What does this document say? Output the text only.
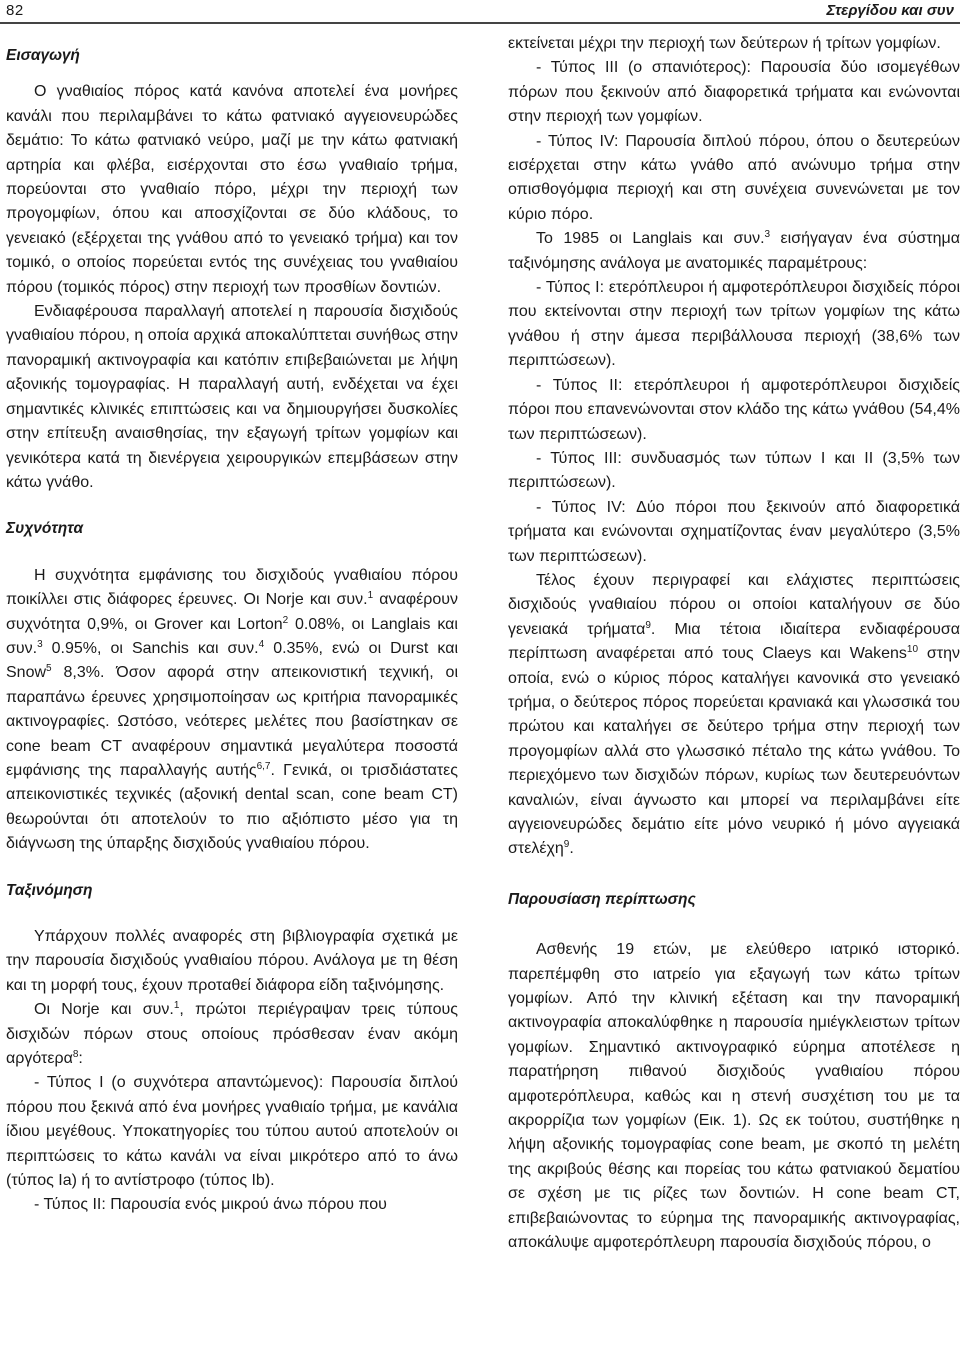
82	Στεργίδου και συν
Εισαγωγή

Ο γναθιαίος πόρος κατά κανόνα αποτελεί ένα μονήρες κανάλι που περιλαμβάνει το κάτω φατνιακό αγγειονευρώδες δεμάτιο: Το κάτω φατνιακό νεύρο, μαζί με την κάτω φατνιακή αρτηρία και φλέβα, εισέρχονται στο έσω γναθιαίο τρήμα, πορεύονται στο γναθιαίο πόρο, μέχρι την περιοχή των προγομφίων, όπου και αποσχίζονται σε δύο κλάδους, το γενειακό (εξέρχεται της γνάθου από το γενειακό τρήμα) και τον τομικό, ο οποίος πορεύεται εντός της συνέχειας του γναθιαίου πόρου (τομικός πόρος) στην περιοχή των προσθίων δοντιών.

Ενδιαφέρουσα παραλλαγή αποτελεί η παρουσία δισχιδούς γναθιαίου πόρου, η οποία αρχικά αποκαλύπτεται συνήθως στην πανοραμική ακτινογραφία και κατόπιν επιβεβαιώνεται με λήψη αξονικής τομογραφίας. Η παραλλαγή αυτή, ενδέχεται να έχει σημαντικές κλινικές επιπτώσεις και να δημιουργήσει δυσκολίες στην επίτευξη αναισθησίας, την εξαγωγή τρίτων γομφίων και γενικότερα κατά τη διενέργεια χειρουργικών επεμβάσεων στην κάτω γνάθο.

Συχνότητα

Η συχνότητα εμφάνισης του δισχιδούς γναθιαίου πόρου ποικίλλει στις διάφορες έρευνες. Οι Norje και συν.$^1$ αναφέρουν συχνότητα 0,9%, οι Grover και Lorton$^2$ 0.08%, οι Langlais και συν.$^3$ 0.95%, οι Sanchis και συν.$^4$ 0.35%, ενώ οι Durst και Snow$^5$ 8,3%. Όσον αφορά στην απεικονιστική τεχνική, οι παραπάνω έρευνες χρησιμοποίησαν ως κριτήρια πανοραμικές ακτινογραφίες. Ωστόσο, νεότερες μελέτες που βασίστηκαν σε cone beam CT αναφέρουν σημαντικά μεγαλύτερα ποσοστά εμφάνισης της παραλλαγής αυτής$^{6,7}$. Γενικά, οι τρισδιάστατες απεικονιστικές τεχνικές (αξονική dental scan, cone beam CT) θεωρούνται ότι αποτελούν το πιο αξιόπιστο μέσο για τη διάγνωση της ύπαρξης δισχιδούς γναθιαίου πόρου.

Ταξινόμηση

Υπάρχουν πολλές αναφορές στη βιβλιογραφία σχετικά με την παρουσία δισχιδούς γναθιαίου πόρου. Ανάλογα με τη θέση και τη μορφή τους, έχουν προταθεί διάφορα είδη ταξινόμησης.

Οι Norje και συν.$^1$, πρώτοι περιέγραψαν τρεις τύπους δισχιδών πόρων στους οποίους πρόσθεσαν έναν ακόμη αργότερα$^8$:

- Τύπος Ι (ο συχνότερα απαντώμενος): Παρουσία διπλού πόρου που ξεκινά από ένα μονήρες γναθιαίο τρήμα, με κανάλια ίδιου μεγέθους. Υποκατηγορίες του τύπου αυτού αποτελούν οι περιπτώσεις το κάτω κανάλι να είναι μικρότερο από το άνω (τύπος Ia) ή το αντίστροφο (τύπος Ib).

- Τύπος ΙΙ: Παρουσία ενός μικρού άνω πόρου που

εκτείνεται μέχρι την περιοχή των δεύτερων ή τρίτων γομφίων.

- Τύπος ΙΙΙ (ο σπανιότερος): Παρουσία δύο ισομεγέθων πόρων που ξεκινούν από διαφορετικά τρήματα και ενώνονται στην περιοχή των γομφίων.

- Τύπος IV: Παρουσία διπλού πόρου, όπου ο δευτερεύων εισέρχεται στην κάτω γνάθο από ανώνυμο τρήμα στην οπισθογόμφια περιοχή και στη συνέχεια συνενώνεται με τον κύριο πόρο.

Το 1985 οι Langlais και συν.$^3$ εισήγαγαν ένα σύστημα ταξινόμησης ανάλογα με ανατομικές παραμέτρους:

- Τύπος Ι: ετερόπλευροι ή αμφοτερόπλευροι δισχιδείς πόροι που εκτείνονται στην περιοχή των τρίτων γομφίων της κάτω γνάθου ή στην άμεσα περιβάλλουσα περιοχή (38,6% των περιπτώσεων).

- Τύπος ΙΙ: ετερόπλευροι ή αμφοτερόπλευροι δισχιδείς πόροι που επανενώνονται στον κλάδο της κάτω γνάθου (54,4% των περιπτώσεων).

- Τύπος ΙΙΙ: συνδυασμός των τύπων Ι και ΙΙ (3,5% των περιπτώσεων).

- Τύπος IV: Δύο πόροι που ξεκινούν από διαφορετικά τρήματα και ενώνονται σχηματίζοντας έναν μεγαλύτερο (3,5% των περιπτώσεων).

Τέλος έχουν περιγραφεί και ελάχιστες περιπτώσεις δισχιδούς γναθιαίου πόρου οι οποίοι καταλήγουν σε δύο γενειακά τρήματα$^9$. Μια τέτοια ιδιαίτερα ενδιαφέρουσα περίπτωση αναφέρεται από τους Claeys και Wakens$^{10}$ στην οποία, ενώ ο κύριος πόρος καταλήγει κανονικά στο γενειακό τρήμα, ο δεύτερος πόρος πορεύεται κρανιακά και γλωσσικά του πρώτου και καταλήγει σε δεύτερο τρήμα στην περιοχή των προγομφίων αλλά στο γλωσσικό πέταλο της κάτω γνάθου. Το περιεχόμενο των δισχιδών πόρων, κυρίως των δευτερευόντων καναλιών, είναι άγνωστο και μπορεί να περιλαμβάνει είτε αγγειονευρώδες δεμάτιο είτε μόνο νευρικό ή μόνο αγγειακά στελέχη$^9$.

Παρουσίαση περίπτωσης

Ασθενής 19 ετών, με ελεύθερο ιατρικό ιστορικό. παρεπέμφθη στο ιατρείο για εξαγωγή των κάτω τρίτων γομφίων. Από την κλινική εξέταση και την πανοραμική ακτινογραφία αποκαλύφθηκε η παρουσία ημιέγκλειστων τρίτων γομφίων. Σημαντικό ακτινογραφικό εύρημα αποτέλεσε η παρατήρηση πιθανού δισχιδούς γναθιαίου πόρου αμφοτερόπλευρα, καθώς και η στενή συσχέτιση του με τα ακρορρίζια των γομφίων (Εικ. 1). Ως εκ τούτου, συστήθηκε η λήψη αξονικής τομογραφίας cone beam, με σκοπό τη μελέτη της ακριβούς θέσης και πορείας του κάτω φατνιακού δεματίου σε σχέση με τις ρίζες των δοντιών. Η cone beam CT, επιβεβαιώνοντας το εύρημα της πανοραμικής ακτινογραφίας, αποκάλυψε αμφοτερόπλευρη παρουσία δισχιδούς πόρου, ο
